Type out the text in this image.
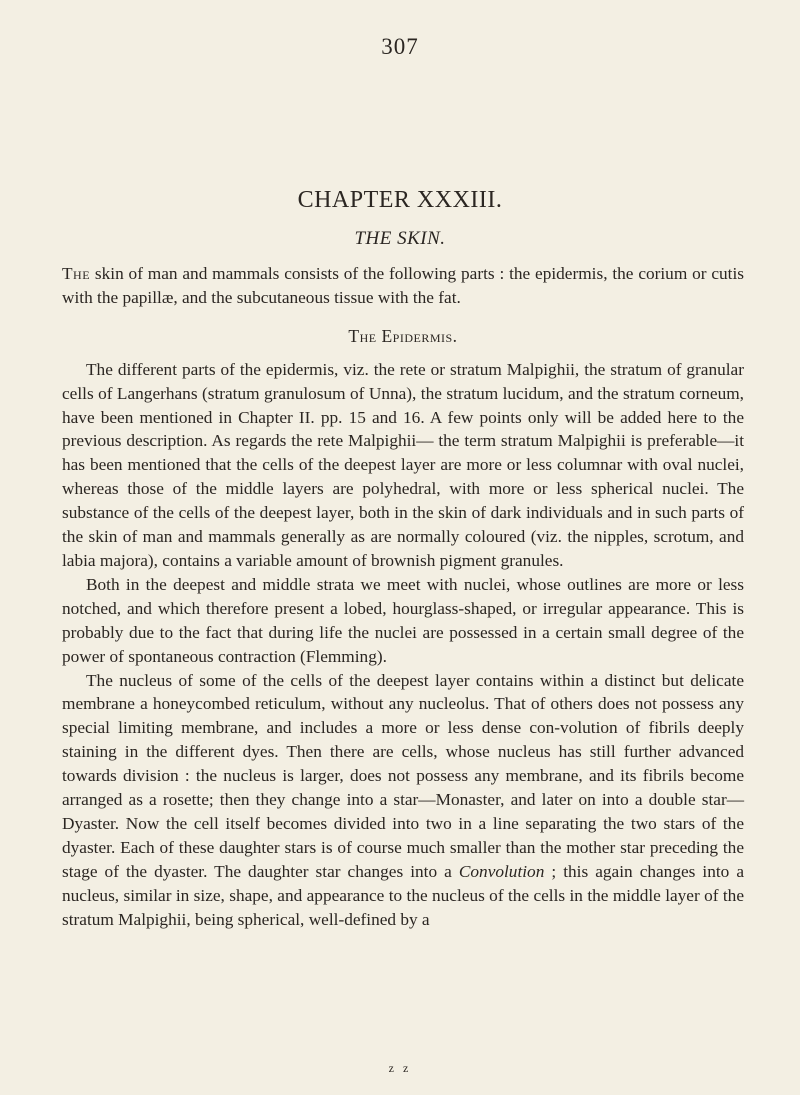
307
CHAPTER XXXIII.
THE SKIN.

The skin of man and mammals consists of the following parts : the epidermis, the corium or cutis with the papillæ, and the subcutaneous tissue with the fat.

The Epidermis.

The different parts of the epidermis, viz. the rete or stratum Malpighii, the stratum of granular cells of Langerhans (stratum granulosum of Unna), the stratum lucidum, and the stratum corneum, have been mentioned in Chapter II. pp. 15 and 16. A few points only will be added here to the previous description. As regards the rete Malpighii— the term stratum Malpighii is preferable—it has been mentioned that the cells of the deepest layer are more or less columnar with oval nuclei, whereas those of the middle layers are polyhedral, with more or less spherical nuclei. The substance of the cells of the deepest layer, both in the skin of dark individuals and in such parts of the skin of man and mammals generally as are normally coloured (viz. the nipples, scrotum, and labia majora), contains a variable amount of brownish pigment granules.

Both in the deepest and middle strata we meet with nuclei, whose outlines are more or less notched, and which therefore present a lobed, hourglass-shaped, or irregular appearance. This is probably due to the fact that during life the nuclei are possessed in a certain small degree of the power of spontaneous contraction (Flemming).

The nucleus of some of the cells of the deepest layer contains within a distinct but delicate membrane a honeycombed reticulum, without any nucleolus. That of others does not possess any special limiting membrane, and includes a more or less dense con-volution of fibrils deeply staining in the different dyes. Then there are cells, whose nucleus has still further advanced towards division : the nucleus is larger, does not possess any membrane, and its fibrils become arranged as a rosette; then they change into a star—Monaster, and later on into a double star—Dyaster. Now the cell itself becomes divided into two in a line separating the two stars of the dyaster. Each of these daughter stars is of course much smaller than the mother star preceding the stage of the dyaster. The daughter star changes into a Convolution ; this again changes into a nucleus, similar in size, shape, and appearance to the nucleus of the cells in the middle layer of the stratum Malpighii, being spherical, well-defined by a

z z
